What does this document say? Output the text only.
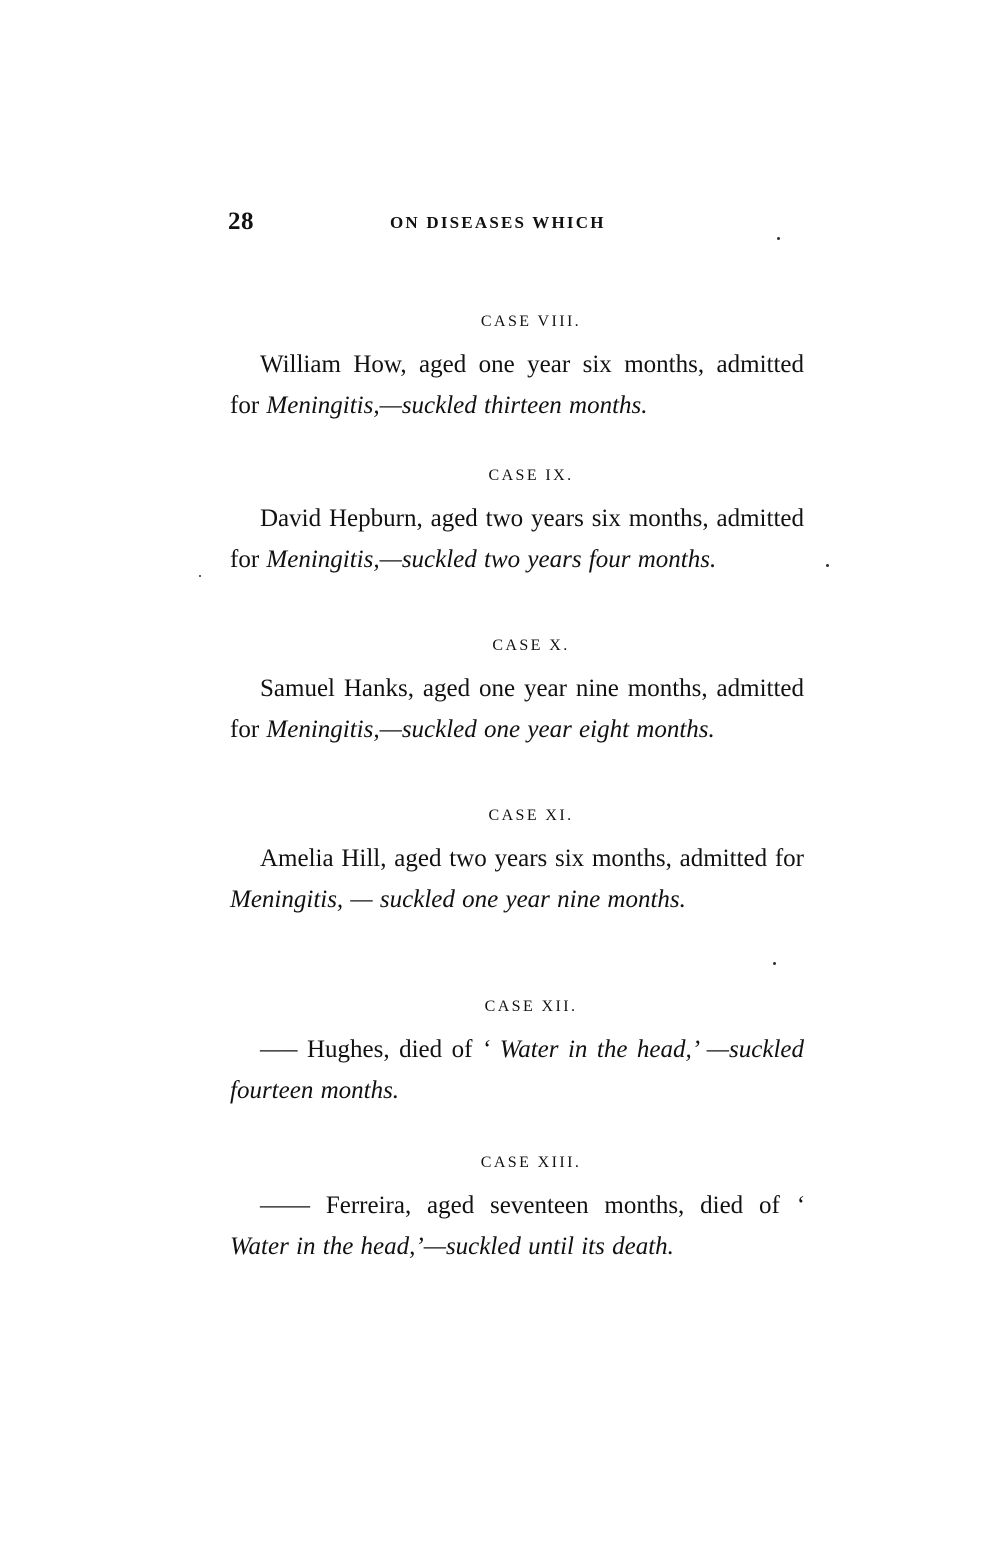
28	ON DISEASES WHICH
CASE VIII.

William How, aged one year six months, admitted for Meningitis,—suckled thirteen months.

CASE IX.

David Hepburn, aged two years six months, admitted for Meningitis,—suckled two years four months.

CASE X.

Samuel Hanks, aged one year nine months, admitted for Meningitis,—suckled one year eight months.

CASE XI.

Amelia Hill, aged two years six months, admitted for Meningitis, — suckled one year nine months.

CASE XII.

—– Hughes, died of ‘ Water in the head,’ —suckled fourteen months.

CASE XIII.

—— Ferreira, aged seventeen months, died of ‘ Water in the head,’—suckled until its death.
